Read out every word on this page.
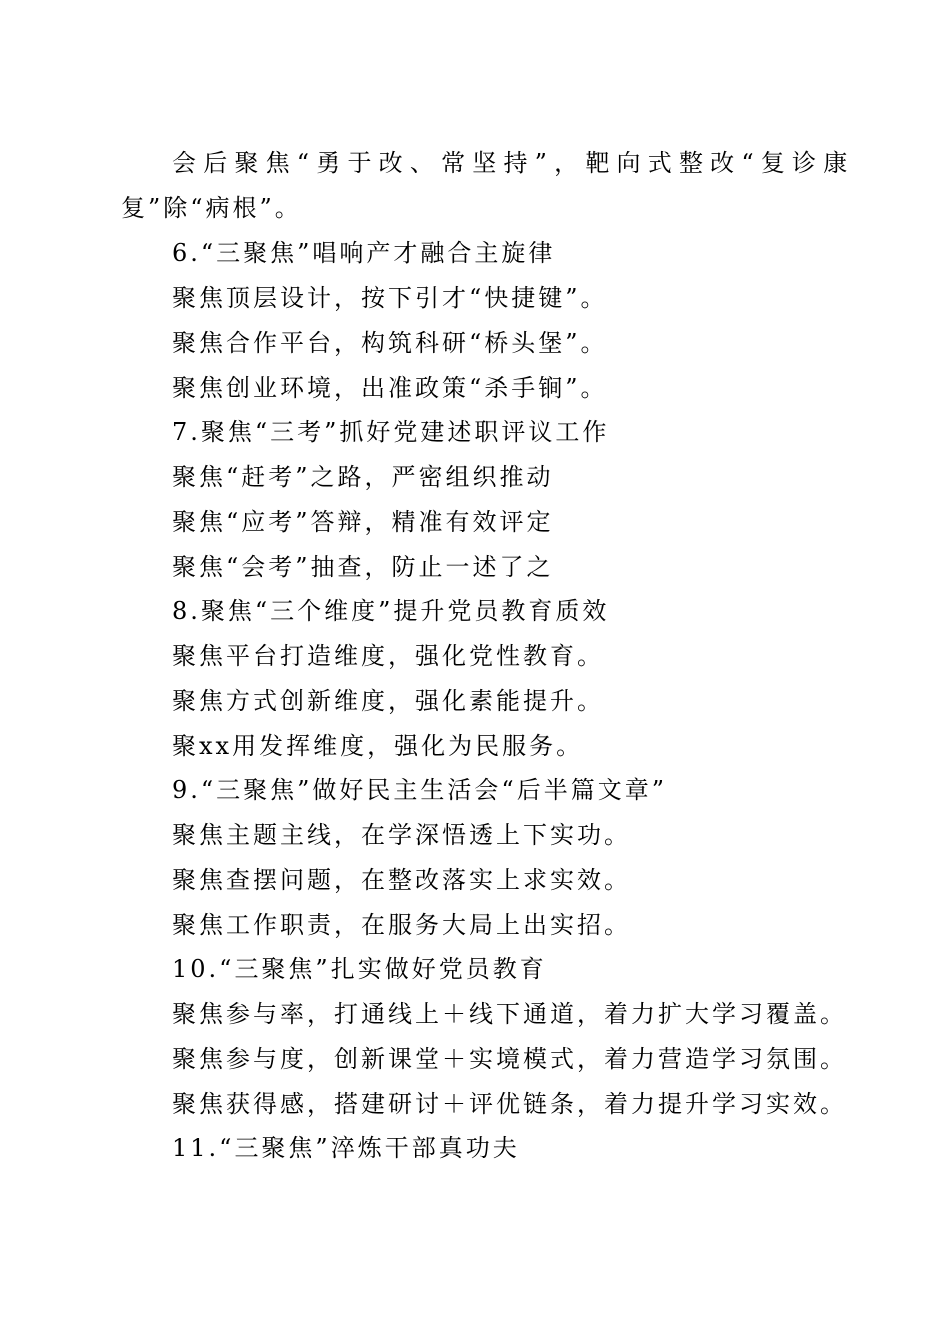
会后聚焦“勇于改、常坚持”，靶向式整改“复诊康
复”除“病根”。
6.“三聚焦”唱响产才融合主旋律
聚焦顶层设计，按下引才“快捷键”。
聚焦合作平台，构筑科研“桥头堡”。
聚焦创业环境，出准政策“杀手锏”。
7.聚焦“三考”抓好党建述职评议工作
聚焦“赶考”之路，严密组织推动
聚焦“应考”答辩，精准有效评定
聚焦“会考”抽查，防止一述了之
8.聚焦“三个维度”提升党员教育质效
聚焦平台打造维度，强化党性教育。
聚焦方式创新维度，强化素能提升。
聚xx用发挥维度，强化为民服务。
9.“三聚焦”做好民主生活会“后半篇文章”
聚焦主题主线，在学深悟透上下实功。
聚焦查摆问题，在整改落实上求实效。
聚焦工作职责，在服务大局上出实招。
10.“三聚焦”扎实做好党员教育
聚焦参与率，打通线上＋线下通道，着力扩大学习覆盖。
聚焦参与度，创新课堂＋实境模式，着力营造学习氛围。
聚焦获得感，搭建研讨＋评优链条，着力提升学习实效。
11.“三聚焦”淬炼干部真功夫
